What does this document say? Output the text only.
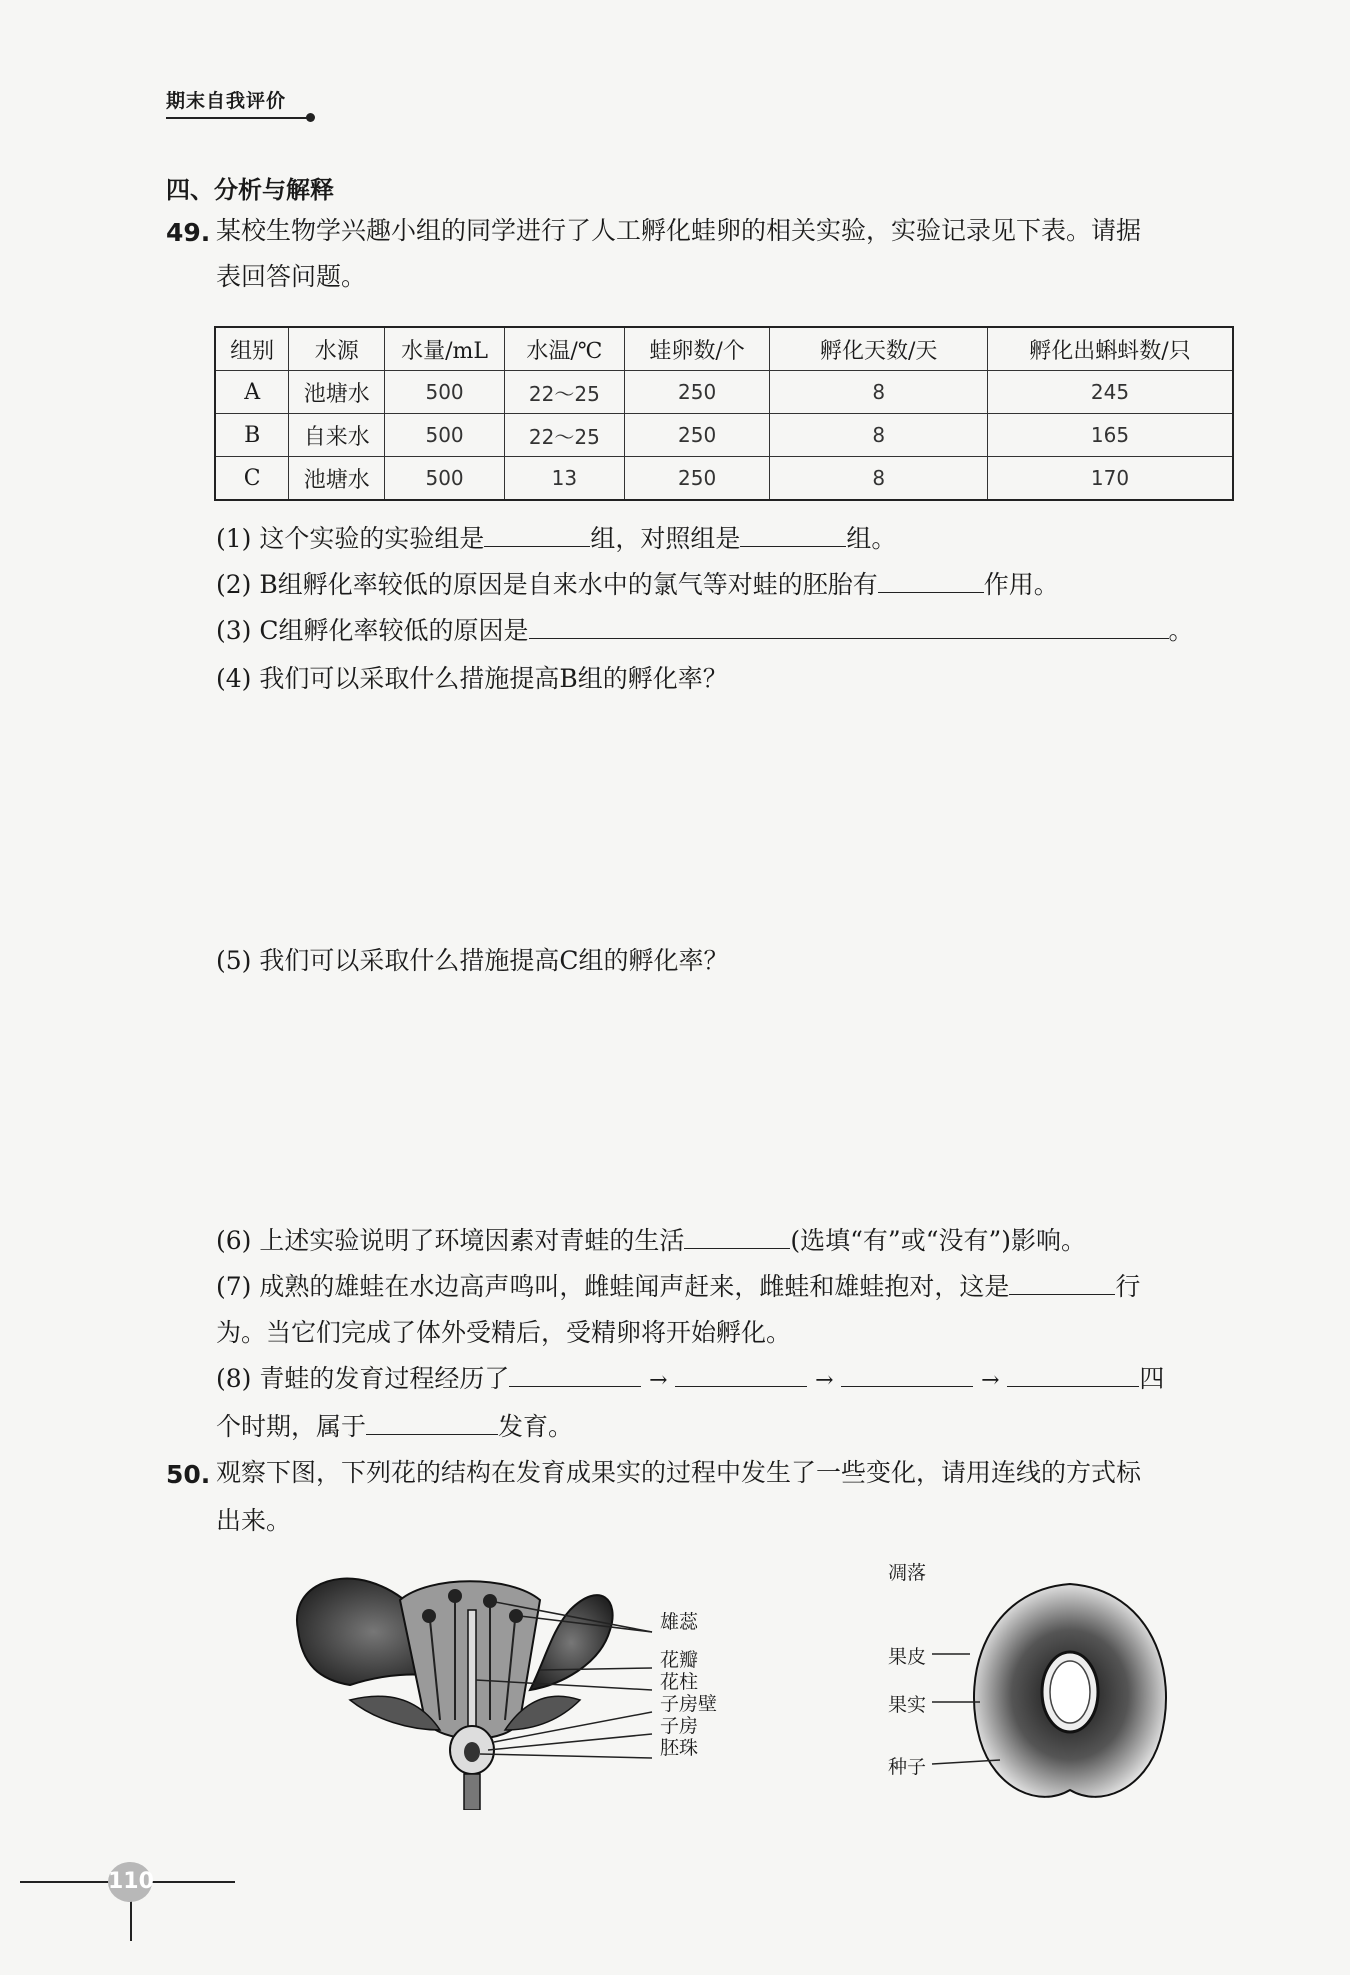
期末自我评价
四、分析与解释
49. 某校生物学兴趣小组的同学进行了人工孵化蛙卵的相关实验，实验记录见下表。请据
表回答问题。
组别	水源	水量/mL	水温/℃	蛙卵数/个	孵化天数/天	孵化出蝌蚪数/只
A	池塘水	500	22～25	250	8	245
B	自来水	500	22～25	250	8	165
C	池塘水	500	13	250	8	170
(1) 这个实验的实验组是	组，对照组是	组。
(2) B组孵化率较低的原因是自来水中的氯气等对蛙的胚胎有	作用。
(3) C组孵化率较低的原因是	。
(4) 我们可以采取什么措施提高B组的孵化率？
(5) 我们可以采取什么措施提高C组的孵化率？
(6) 上述实验说明了环境因素对青蛙的生活	(选填“有”或“没有”)影响。
(7) 成熟的雄蛙在水边高声鸣叫，雌蛙闻声赶来，雌蛙和雄蛙抱对，这是	行
为。当它们完成了体外受精后，受精卵将开始孵化。
(8) 青蛙的发育过程经历了	→	→	→	四
个时期，属于	发育。
50. 观察下图，下列花的结构在发育成果实的过程中发生了一些变化，请用连线的方式标
出来。
雄蕊
花瓣
花柱
子房壁
子房
胚珠
凋落
果皮
果实
种子
110
